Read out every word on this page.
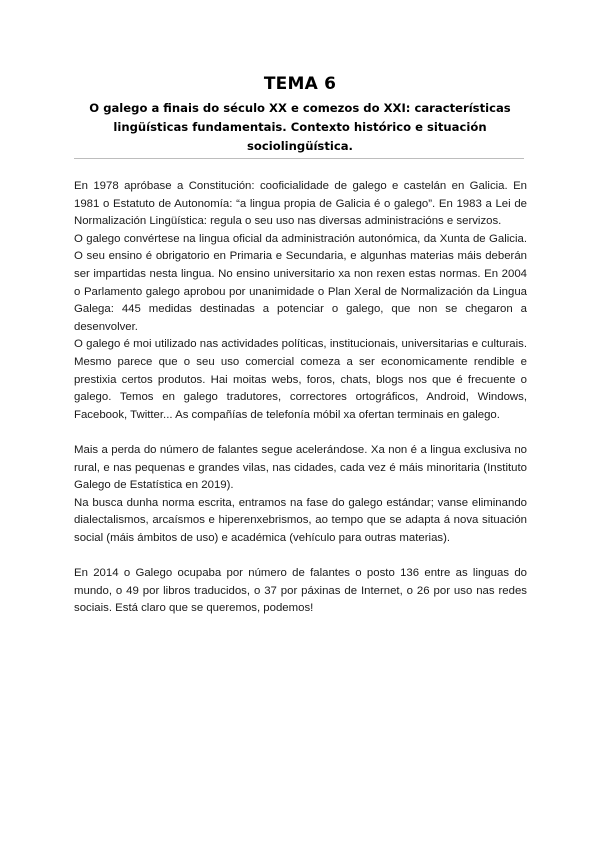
TEMA 6
O galego a finais do século XX e comezos do XXI: características lingüísticas fundamentais. Contexto histórico e situación sociolingüística.

En 1978 apróbase a Constitución: cooficialidade de galego e castelán en Galicia. En 1981 o Estatuto de Autonomía: “a lingua propia de Galicia é o galego”. En 1983 a Lei de Normalización Lingüística: regula o seu uso nas diversas administracións e servizos.

O galego convértese na lingua oficial da administración autonómica, da Xunta de Galicia. O seu ensino é obrigatorio en Primaria e Secundaria, e algunhas materias máis deberán ser impartidas nesta lingua. No ensino universitario xa non rexen estas normas. En 2004 o Parlamento galego aprobou por unanimidade o Plan Xeral de Normalización da Lingua Galega: 445 medidas destinadas a potenciar o galego, que non se chegaron a desenvolver.

O galego é moi utilizado nas actividades políticas, institucionais, universitarias e culturais. Mesmo parece que o seu uso comercial comeza a ser economicamente rendible e prestixia certos produtos. Hai moitas webs, foros, chats, blogs nos que é frecuente o galego. Temos en galego tradutores, correctores ortográficos, Android, Windows, Facebook, Twitter... As compañías de telefonía móbil xa ofertan terminais en galego.

Mais a perda do número de falantes segue acelerándose. Xa non é a lingua exclusiva no rural, e nas pequenas e grandes vilas, nas cidades, cada vez é máis minoritaria (Instituto Galego de Estatística en 2019).

Na busca dunha norma escrita, entramos na fase do galego estándar; vanse eliminando dialectalismos, arcaísmos e hiperenxebrismos, ao tempo que se adapta á nova situación social (máis ámbitos de uso) e académica (vehículo para outras materias).

En 2014 o Galego ocupaba por número de falantes o posto 136 entre as linguas do mundo, o 49 por libros traducidos, o 37 por páxinas de Internet, o 26 por uso nas redes sociais. Está claro que se queremos, podemos!
